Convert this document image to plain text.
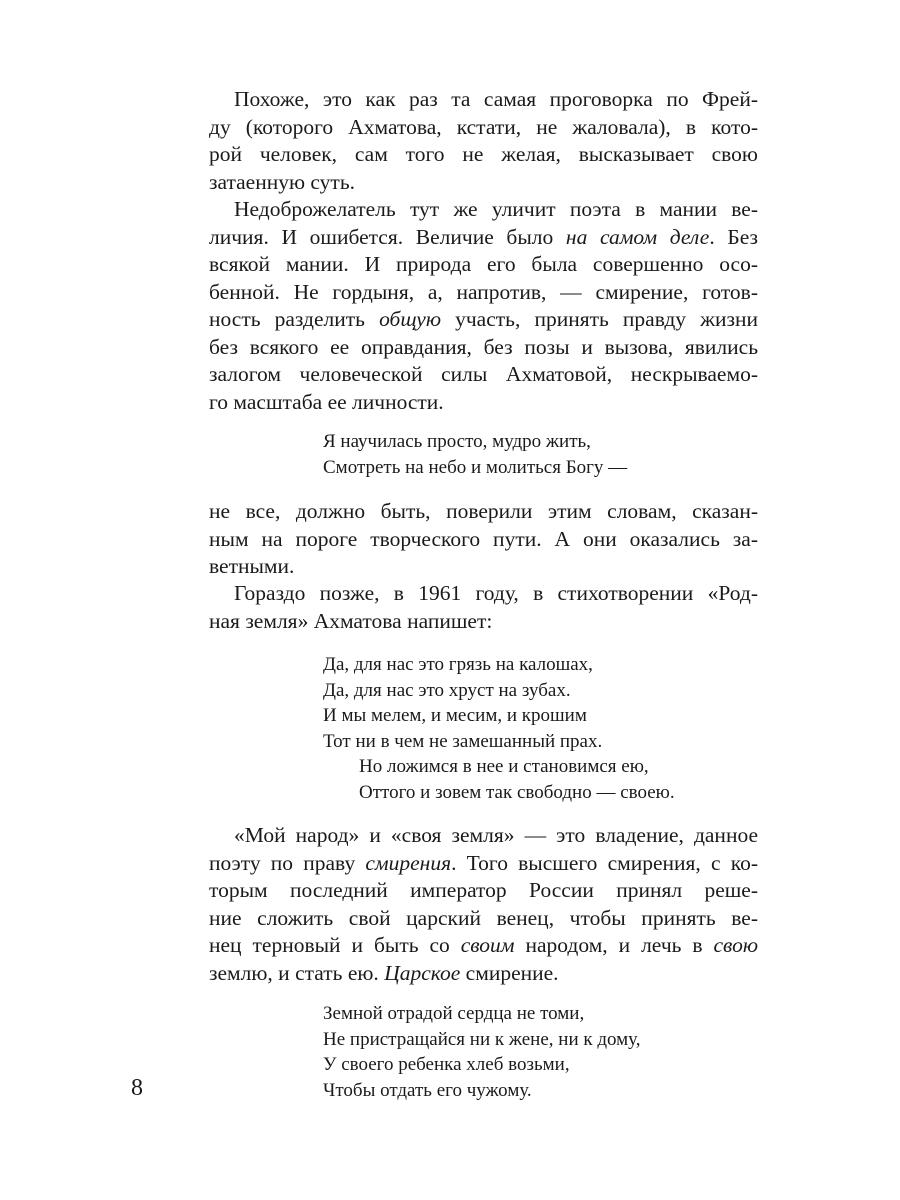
Похоже, это как раз та самая проговорка по Фрей-
ду (которого Ахматова, кстати, не жаловала), в кото-
рой человек, сам того не желая, высказывает свою
затаенную суть.
Недоброжелатель тут же уличит поэта в мании ве-
личия. И ошибется. Величие было на самом деле. Без
всякой мании. И природа его была совершенно осо-
бенной. Не гордыня, а, напротив, — смирение, готов-
ность разделить общую участь, принять правду жизни
без всякого ее оправдания, без позы и вызова, явились
залогом человеческой силы Ахматовой, нескрываемо-
го масштаба ее личности.
Я научилась просто, мудро жить,
Смотреть на небо и молиться Богу —
не все, должно быть, поверили этим словам, сказан-
ным на пороге творческого пути. А они оказались за-
ветными.
Гораздо позже, в 1961 году, в стихотворении «Род-
ная земля» Ахматова напишет:
Да, для нас это грязь на калошах,
Да, для нас это хруст на зубах.
И мы мелем, и месим, и крошим
Тот ни в чем не замешанный прах.
Но ложимся в нее и становимся ею,
Оттого и зовем так свободно — своею.
«Мой народ» и «своя земля» — это владение, данное
поэту по праву смирения. Того высшего смирения, с ко-
торым последний император России принял реше-
ние сложить свой царский венец, чтобы принять ве-
нец терновый и быть со своим народом, и лечь в свою
землю, и стать ею. Царское смирение.
Земной отрадой сердца не томи,
Не пристращайся ни к жене, ни к дому,
У своего ребенка хлеб возьми,
Чтобы отдать его чужому.
8
